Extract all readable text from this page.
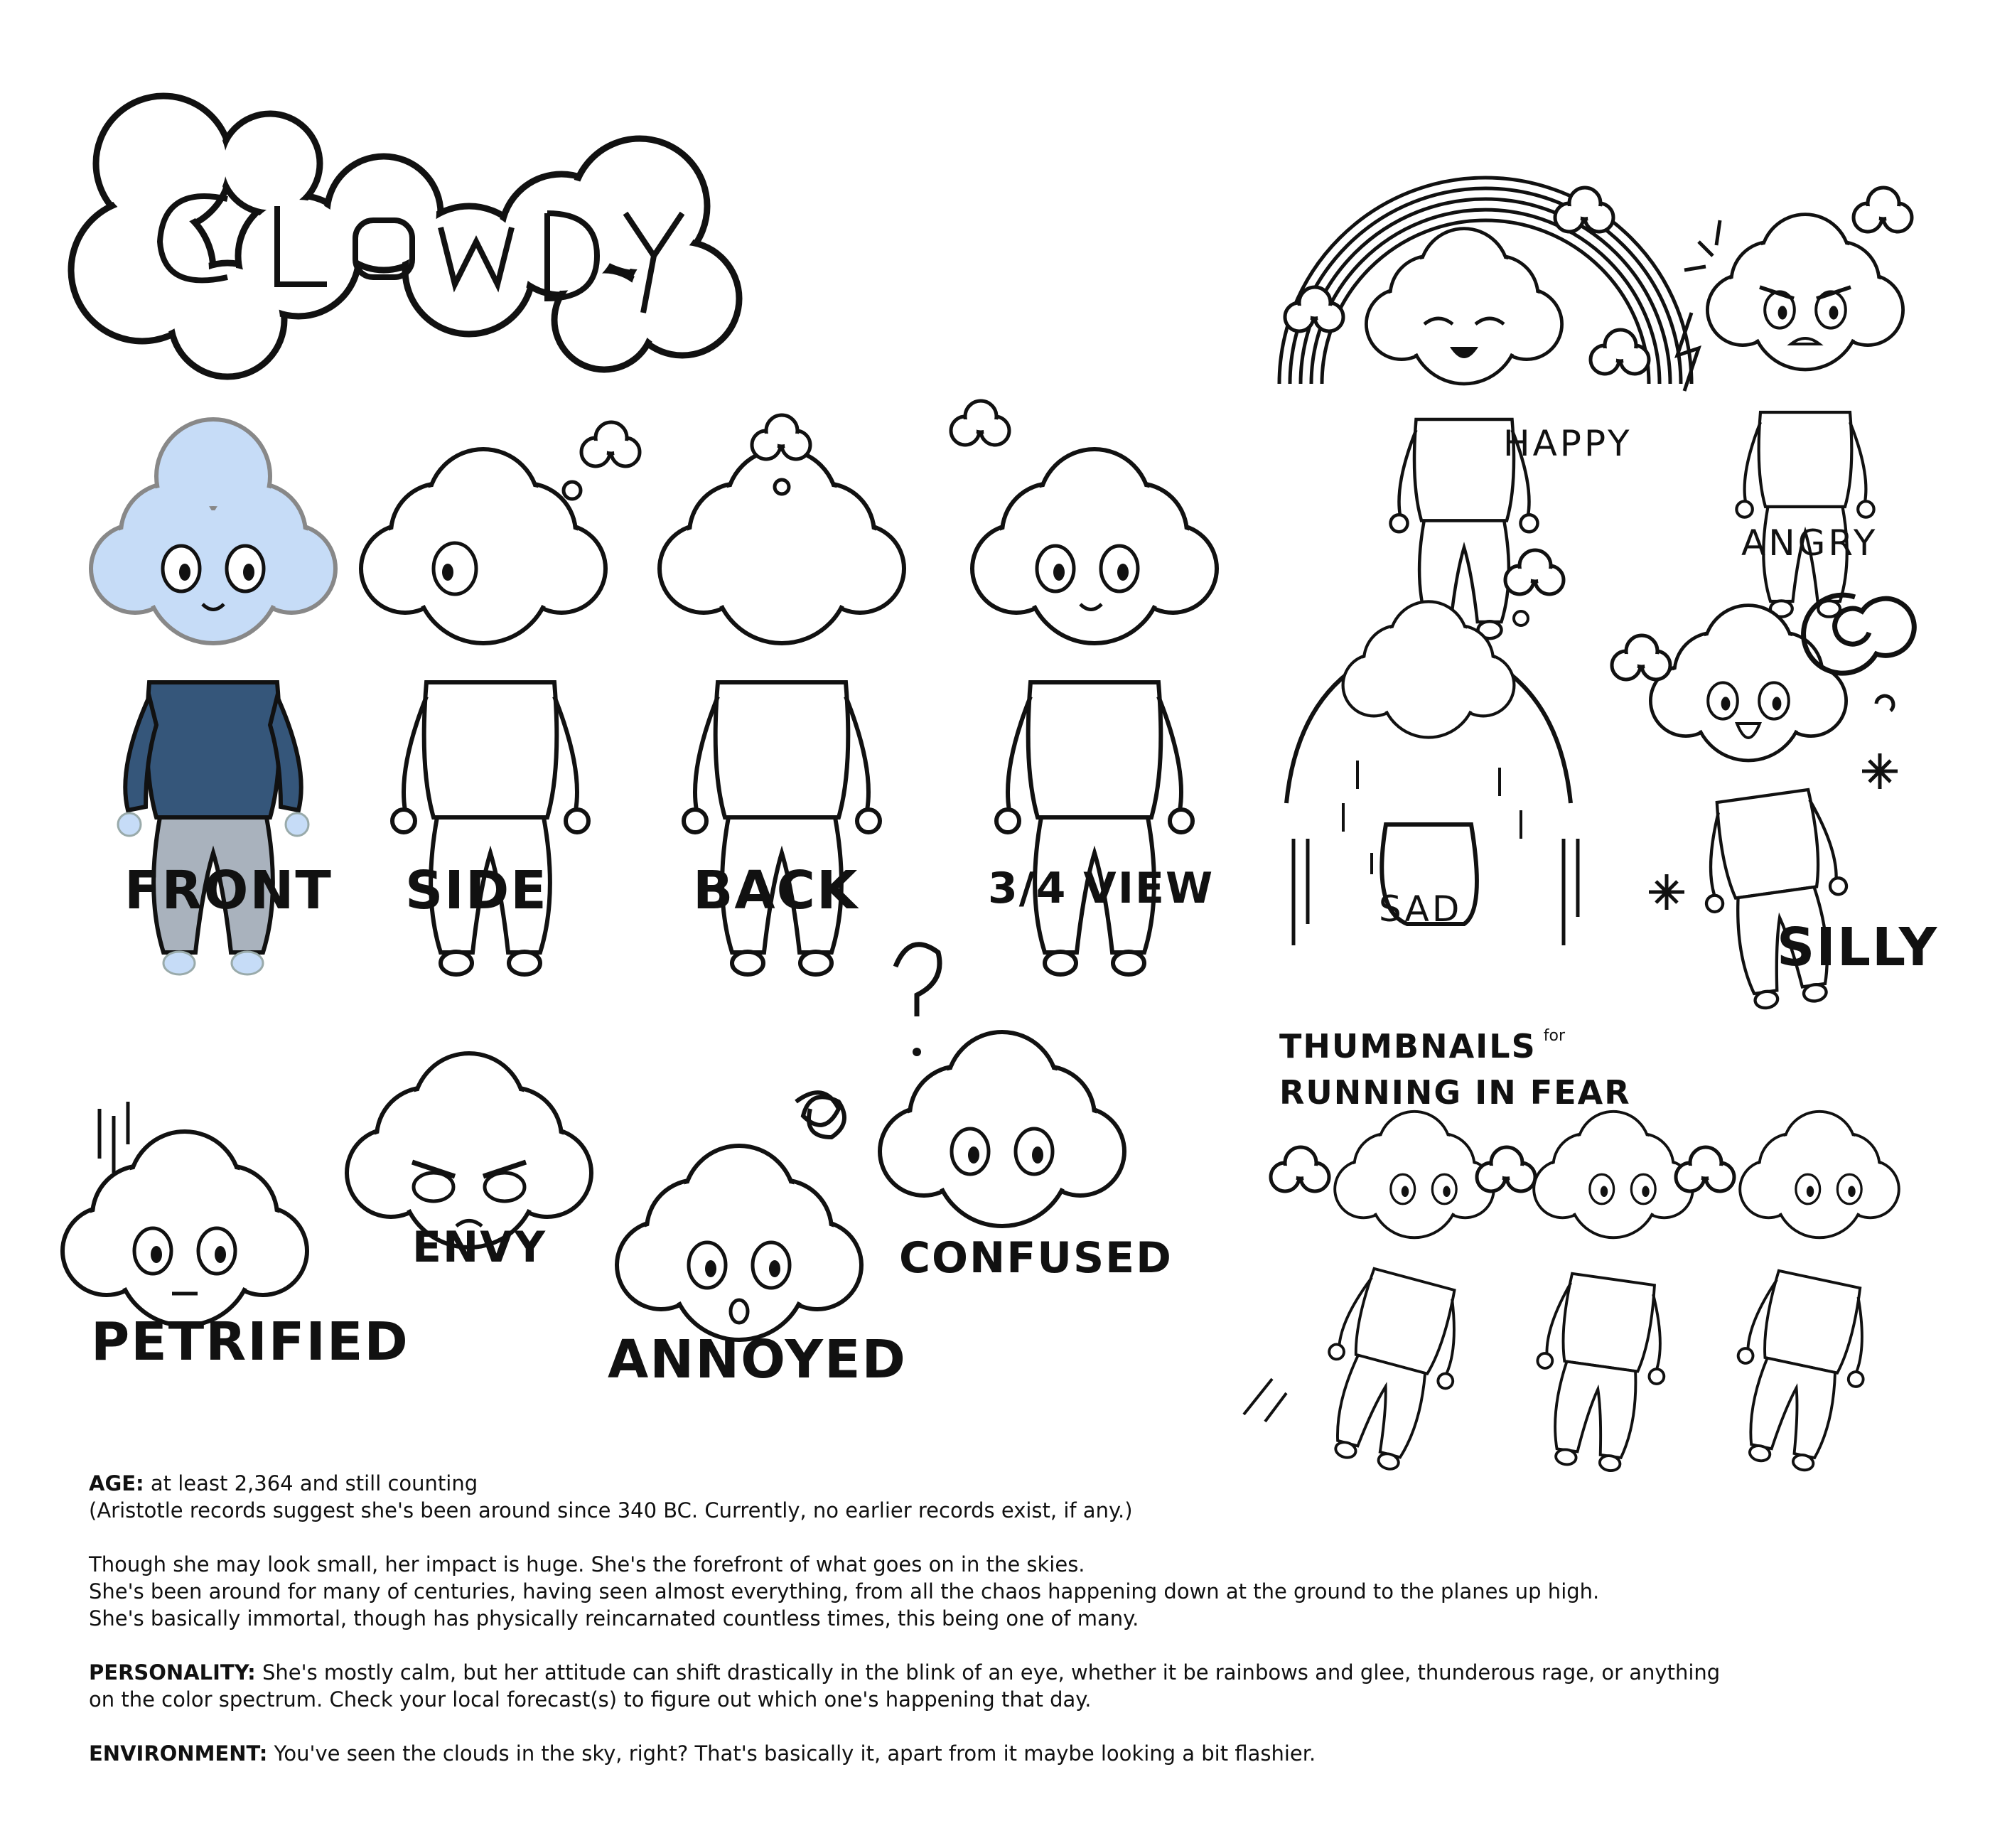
FRONT SIDE	BACK	3/4 VIEW
HAPPY
ANGRY
SAD
SILLY
PETRIFIED
ENVY
ANNOYED
CONFUSED
THUMBNAILS $^{for}$
RUNNING IN FEAR

AGE: at least 2,364 and still counting

(Aristotle records suggest she's been around since 340 BC. Currently, no earlier records exist, if any.)

Though she may look small, her impact is huge. She's the forefront of what goes on in the skies.

She's been around for many of centuries, having seen almost everything, from all the chaos happening down at the ground to the planes up high.

She's basically immortal, though has physically reincarnated countless times, this being one of many.

PERSONALITY: She's mostly calm, but her attitude can shift drastically in the blink of an eye, whether it be rainbows and glee, thunderous rage, or anything

on the color spectrum. Check your local forecast(s) to figure out which one's happening that day.

ENVIRONMENT: You've seen the clouds in the sky, right? That's basically it, apart from it maybe looking a bit flashier.
